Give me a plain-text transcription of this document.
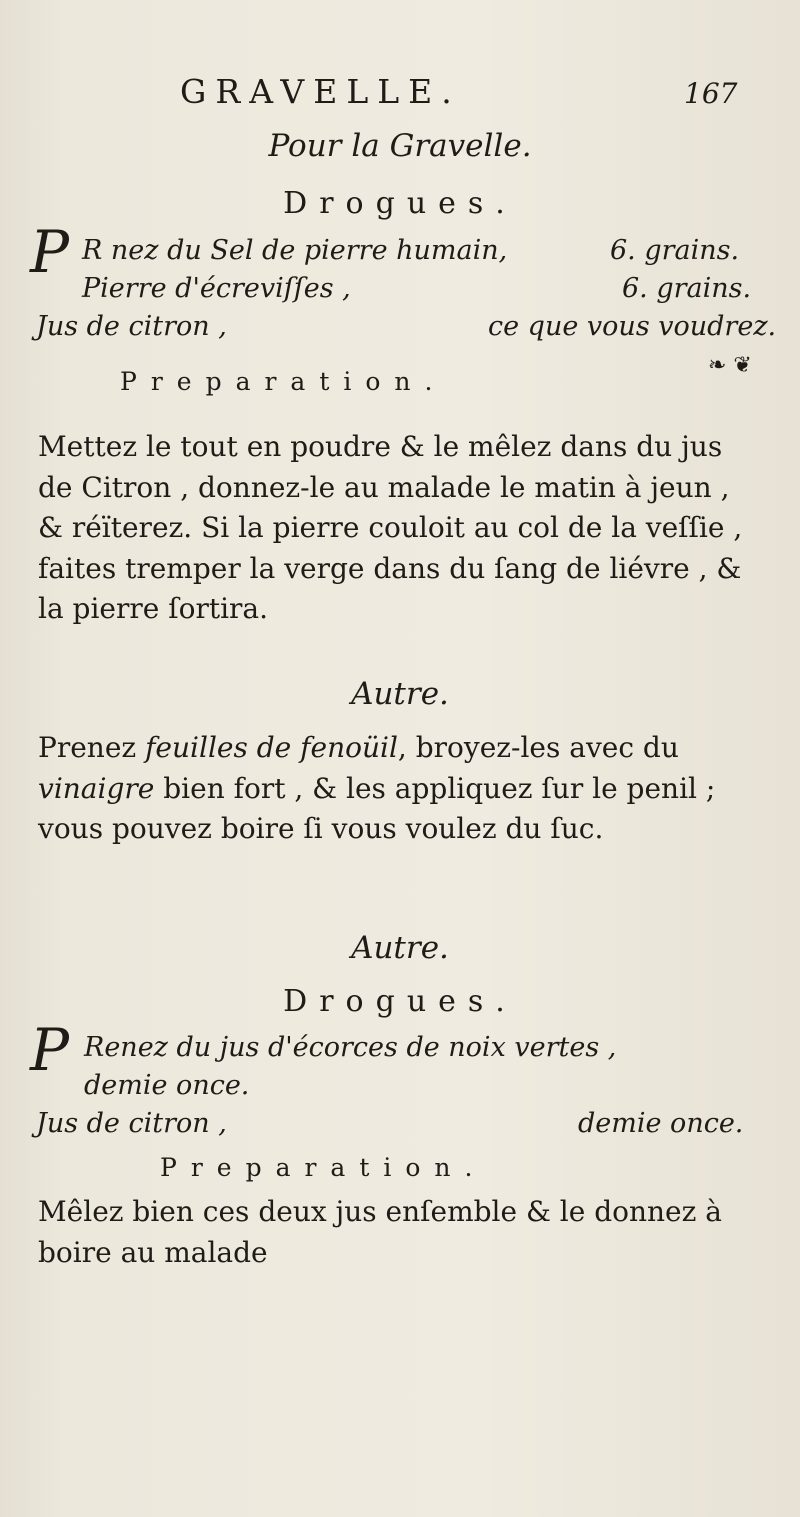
GRAVELLE.	167
Pour la Gravelle.
Drogues.
P R nez du Sel de pierre humain,	6. grains.
Pierre d'écreviſſes ,	6. grains.
Jus de citron ,	ce que vous voudrez.
❧ ❦
Preparation.
Mettez le tout en poudre & le mêlez dans du jus de Citron , donnez-le au malade le matin à jeun , & réïterez. Si la pierre couloit au col de la veſſie , faites tremper la verge dans du ſang de liévre , & la pierre ſortira.
Autre.
Prenez feuilles de fenoüil, broyez-les avec du vinaigre bien fort , & les appliquez ſur le penil ; vous pouvez boire ſi vous voulez du ſuc.
Autre.
Drogues.
P Renez du jus d'écorces de noix vertes ,
demie once.
Jus de citron ,	demie once.
Preparation.
Mêlez bien ces deux jus enſemble & le donnez à boire au malade
